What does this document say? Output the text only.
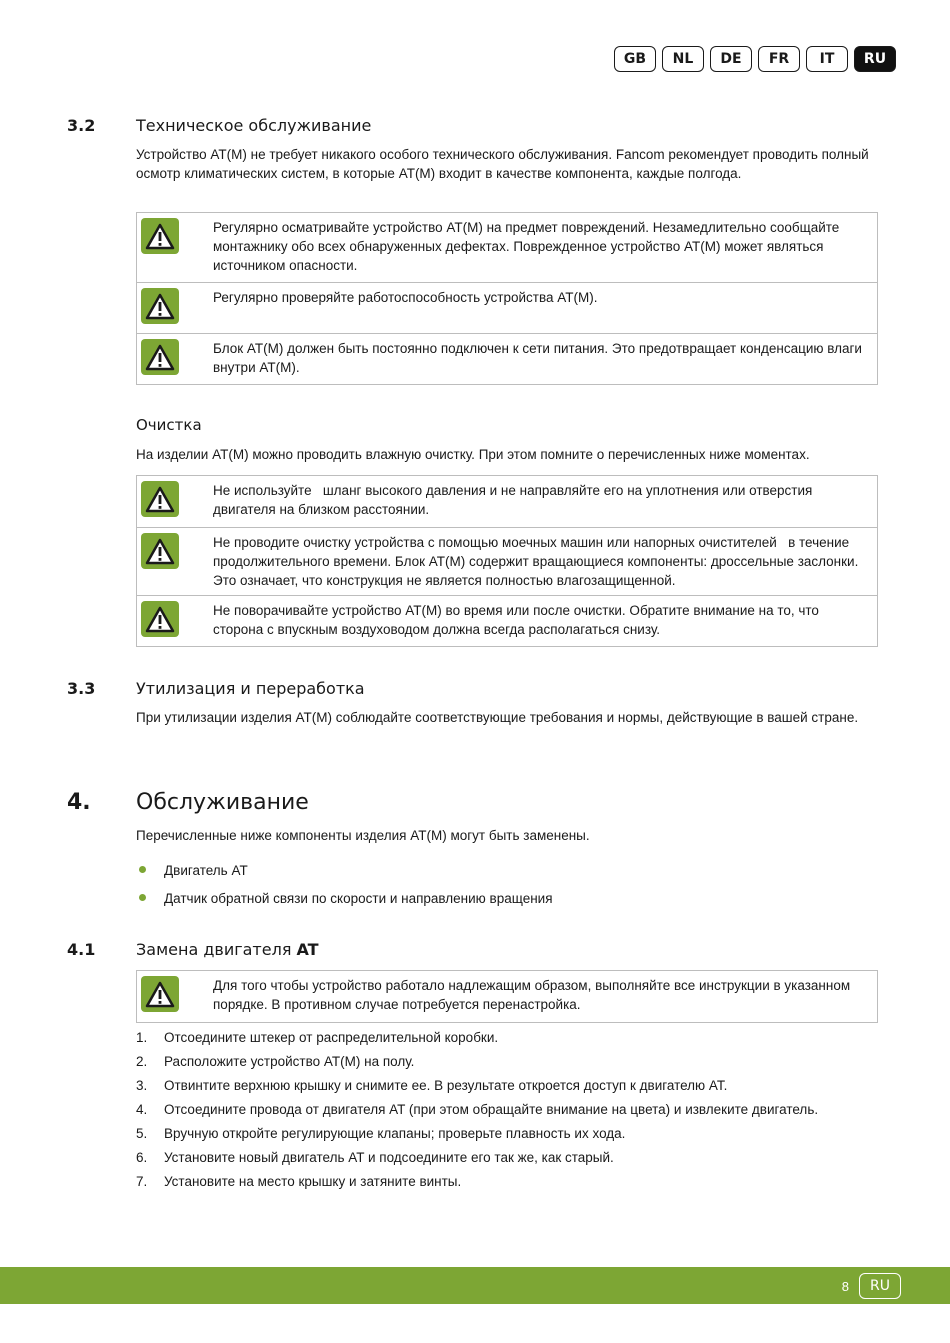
GB	NL	DE	FR	IT	RU
3.2	Техническое обслуживание
Устройство AT(M) не требует никакого особого технического обслуживания. Fancom рекомендует проводить полный осмотр климатических систем, в которые AT(M) входит в качестве компонента, каждые полгода.
Регулярно осматривайте устройство AT(M) на предмет повреждений. Незамедлительно сообщайте монтажнику обо всех обнаруженных дефектах. Поврежденное устройство AT(M) может являться источником опасности.
Регулярно проверяйте работоспособность устройства AT(M).
Блок AT(M) должен быть постоянно подключен к сети питания. Это предотвращает конденсацию влаги внутри AT(M).
Очистка
На изделии AT(M) можно проводить влажную очистку. При этом помните о перечисленных ниже моментах.
Не используйте   шланг высокого давления и не направляйте его на уплотнения или отверстия двигателя на близком расстоянии.
Не проводите очистку устройства с помощью моечных машин или напорных очистителей   в течение продолжительного времени. Блок AT(M) содержит вращающиеся компоненты: дроссельные заслонки. Это означает, что конструкция не является полностью влагозащищенной.
Не поворачивайте устройство AT(M) во время или после очистки. Обратите внимание на то, что сторона с впускным воздуховодом должна всегда располагаться снизу.
3.3	Утилизация и переработка
При утилизации изделия AT(M) соблюдайте соответствующие требования и нормы, действующие в вашей стране.
4. Обслуживание
Перечисленные ниже компоненты изделия AT(M) могут быть заменены.
Двигатель AT
Датчик обратной связи по скорости и направлению вращения
4.1	Замена двигателя AT
Для того чтобы устройство работало надлежащим образом, выполняйте все инструкции в указанном порядке. В противном случае потребуется перенастройка.
1. Отсоедините штекер от распределительной коробки.
2. Расположите устройство AT(M) на полу.
3. Отвинтите верхнюю крышку и снимите ее. В результате откроется доступ к двигателю AT.
4. Отсоедините провода от двигателя AT (при этом обращайте внимание на цвета) и извлеките двигатель.
5. Вручную откройте регулирующие клапаны; проверьте плавность их хода.
6. Установите новый двигатель AT и подсоедините его так же, как старый.
7. Установите на место крышку и затяните винты.
8	RU
